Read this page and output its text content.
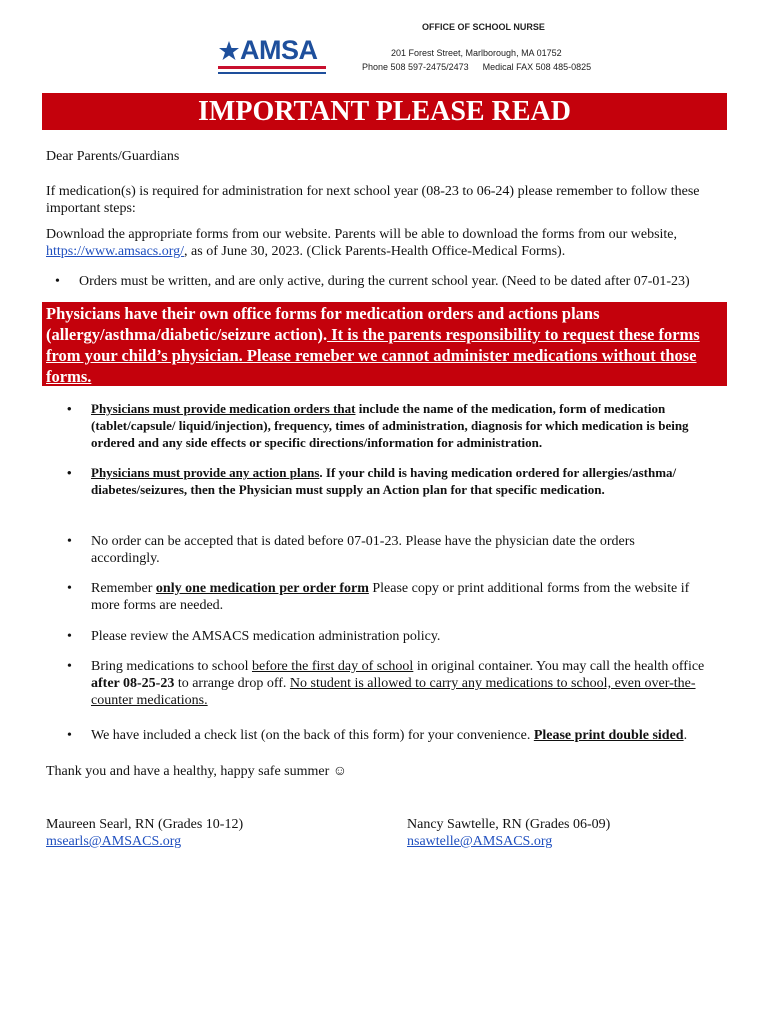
AMSA
OFFICE OF SCHOOL NURSE
201 Forest Street, Marlborough, MA 01752
Phone 508 597-2475/2473 Medical FAX 508 485-0825
IMPORTANT PLEASE READ
Dear Parents/Guardians
If medication(s) is required for administration for next school year (08-23 to 06-24) please remember to follow these important steps:
Download the appropriate forms from our website. Parents will be able to download the forms from our website, https://www.amsacs.org/, as of June 30, 2023. (Click Parents-Health Office-Medical Forms).
•	Orders must be written, and are only active, during the current school year. (Need to be dated after 07-01-23)
Physicians have their own office forms for medication orders and actions plans (allergy/asthma/diabetic/seizure action). It is the parents responsibility to request these forms from your child’s physician. Please remeber we cannot administer medications without those forms.
•	Physicians must provide medication orders that include the name of the medication, form of medication (tablet/capsule/ liquid/injection), frequency, times of administration, diagnosis for which medication is being ordered and any side effects or specific directions/information for administration.
•	Physicians must provide any action plans. If your child is having medication ordered for allergies/asthma/ diabetes/seizures, then the Physician must supply an Action plan for that specific medication.
•	No order can be accepted that is dated before 07-01-23. Please have the physician date the orders accordingly.
•	Remember only one medication per order form Please copy or print additional forms from the website if more forms are needed.
•	Please review the AMSACS medication administration policy.
•	Bring medications to school before the first day of school in original container. You may call the health office after 08-25-23 to arrange drop off. No student is allowed to carry any medications to school, even over-the-counter medications.
•	We have included a check list (on the back of this form) for your convenience. Please print double sided.
Thank you and have a healthy, happy safe summer ☺
Maureen Searl, RN (Grades 10-12)
msearls@AMSACS.org
Nancy Sawtelle, RN (Grades 06-09)
nsawtelle@AMSACS.org
